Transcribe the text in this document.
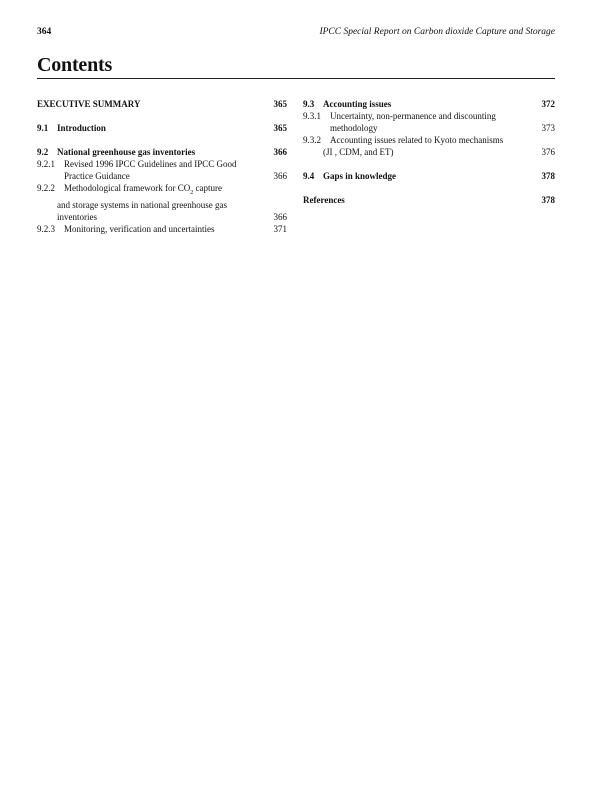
364	IPCC Special Report on Carbon dioxide Capture and Storage
Contents
EXECUTIVE SUMMARY	365
9.1 Introduction	365
9.2 National greenhouse gas inventories	366
9.2.1 Revised 1996 IPCC Guidelines and IPCC Good
Practice Guidance	366
9.2.2 Methodological framework for $CO_2$ capture
and storage systems in national greenhouse gas
inventories	366
9.2.3 Monitoring, verification and uncertainties	371
9.3 Accounting issues	372
9.3.1 Uncertainty, non-permanence and discounting
methodology	373
9.3.2 Accounting issues related to Kyoto mechanisms
(JI , CDM, and ET)	376
9.4 Gaps in knowledge	378
References	378
